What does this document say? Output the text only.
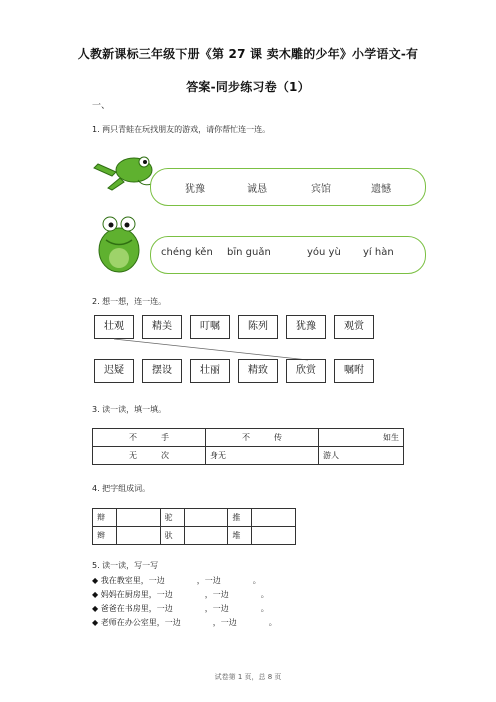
人教新课标三年级下册《第 27 课 卖木雕的少年》小学语文-有
答案-同步练习卷（1）
一、
1. 两只青蛙在玩找朋友的游戏，请你帮忙连一连。
犹豫	诚恳	宾馆	遗憾
chéng kěn bīn guǎn	yóu yù yí hàn
2. 想一想，连一连。
壮观	精美	叮嘱	陈列	犹豫	观赏
迟疑	摆设	壮丽	精致	欣赏	嘱咐
3. 读一读，填一填。
不　　　手	不　　　传	如生
无　　　次	身无	游人
4. 把字组成词。
辩		驼		推	
辫		驮		堆	
5. 读一读，写一写
◆ 我在教室里，一边　　　　，一边　　　　。
◆ 妈妈在厨房里，一边　　　　，一边　　　　。
◆ 爸爸在书房里，一边　　　　，一边　　　　。
◆ 老师在办公室里，一边　　　　，一边　　　　。
试卷第 1 页，总 8 页
